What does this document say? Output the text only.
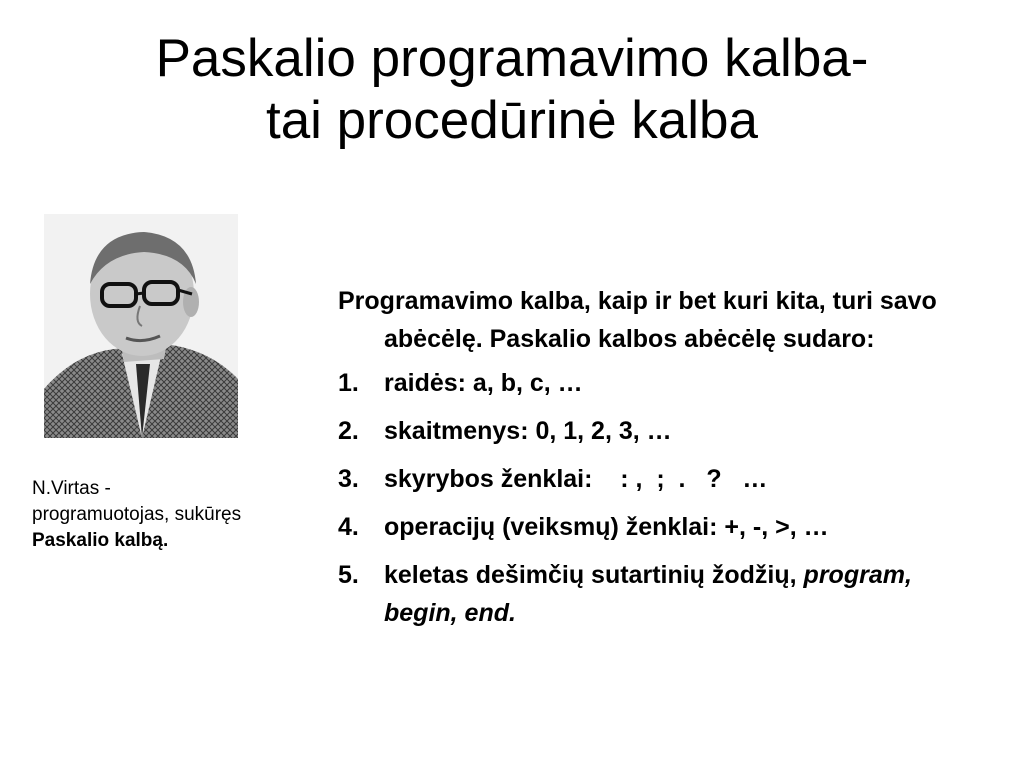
Paskalio programavimo kalba-
tai procedūrinė kalba
N.Virtas - programuotojas, sukūręs Paskalio kalbą.

Programavimo kalba, kaip ir bet kuri kita, turi savo abėcėlę. Paskalio kalbos abėcėlę sudaro:

1. raidės: a, b, c, …
2. skaitmenys: 0, 1, 2, 3, …
3. skyrybos ženklai:    : ,  ;  .   ?   …
4. operacijų (veiksmų) ženklai: +, -, >, …
5. keletas dešimčių sutartinių žodžių, program, begin, end.
